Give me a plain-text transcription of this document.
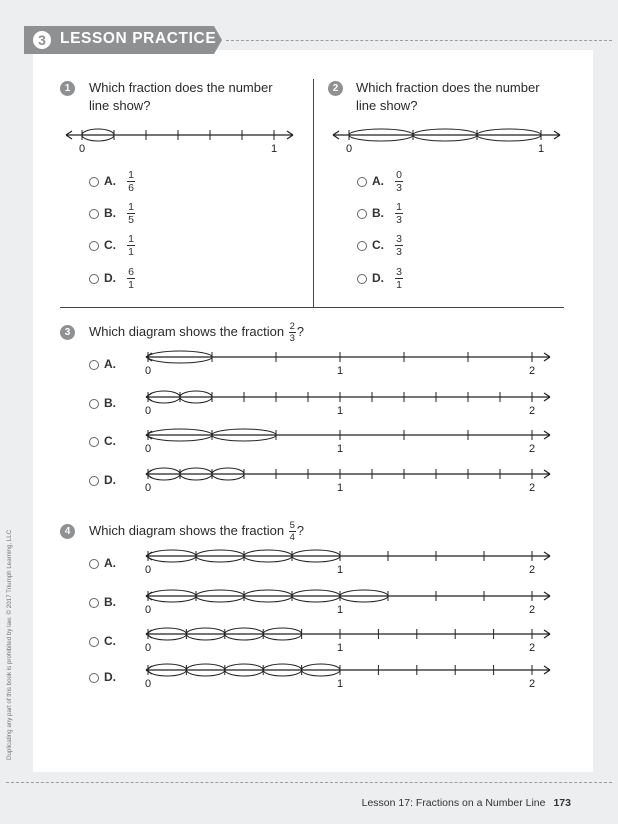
3 LESSON PRACTICE
Duplicating any part of this book is prohibited by law. © 2017 Triumph Learning, LLC
1	Which fraction does the number line show?
2	Which fraction does the number line show?
A. 1
6
B. 1
5
C. 1
1
D. 6
1
A. 0
3
B. 1
3
C. 3
3
D. 3
1
3	Which diagram shows the fraction $\frac{2}{3}$ ?
4	Which diagram shows the fraction $\frac{5}{4}$ ?
A.
B.
C.
D.
A.
B.
C.
D.
0	1	0	1
0	1	2
0	1	2
0	1	2
0	1	2
0	1	2
0	1	2
0	1	2
0	1	2
Lesson 17: Fractions on a Number Line 173
